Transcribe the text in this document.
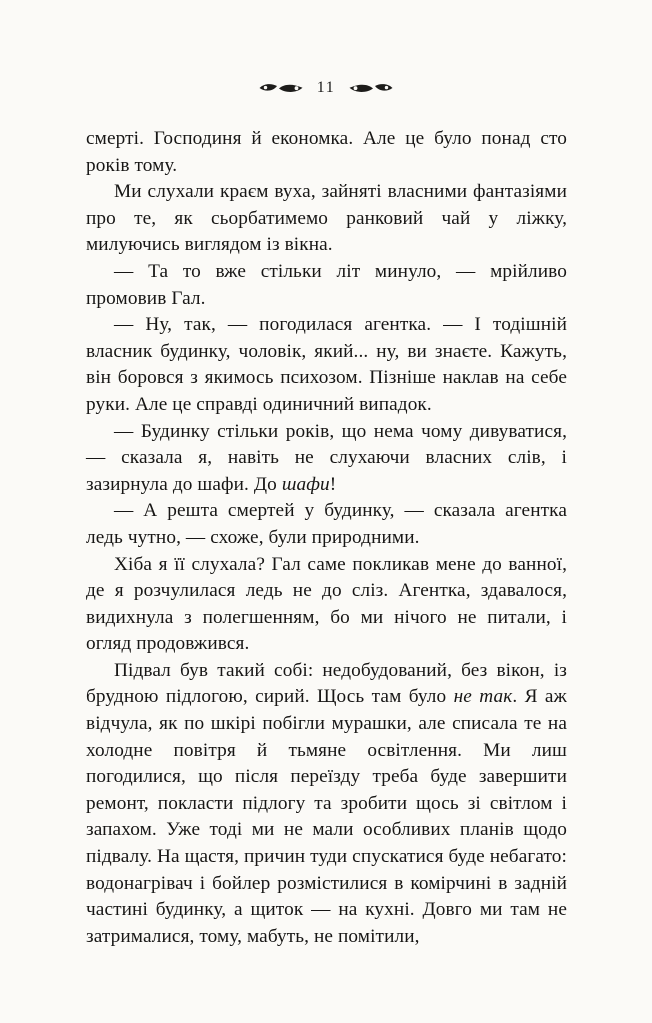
11

смерті. Господиня й економка. Але це було понад сто років тому.

Ми слухали краєм вуха, зайняті власними фантазіями про те, як сьорбатимемо ранковий чай у ліжку, милуючись виглядом із вікна.

— Та то вже стільки літ минуло, — мрійливо промовив Гал.

— Ну, так, — погодилася агентка. — І тодішній власник будинку, чоловік, який... ну, ви знаєте. Кажуть, він боровся з якимось психозом. Пізніше наклав на себе руки. Але це справді одиничний випадок.

— Будинку стільки років, що нема чому дивуватися, — сказала я, навіть не слухаючи власних слів, і зазирнула до шафи. До шафи!

— А решта смертей у будинку, — сказала агентка ледь чутно, — схоже, були природними.

Хіба я її слухала? Гал саме покликав мене до ванної, де я розчулилася ледь не до сліз. Агентка, здавалося, видихнула з полегшенням, бо ми нічого не питали, і огляд продовжився.

Підвал був такий собі: недобудований, без вікон, із брудною підлогою, сирий. Щось там було не так. Я аж відчула, як по шкірі побігли мурашки, але списала те на холодне повітря й тьмяне освітлення. Ми лиш погодилися, що після переїзду треба буде завершити ремонт, покласти підлогу та зробити щось зі світлом і запахом. Уже тоді ми не мали особливих планів щодо підвалу. На щастя, причин туди спускатися буде небагато: водонагрівач і бойлер розмістилися в комірчині в задній частині будинку, а щиток — на кухні. Довго ми там не затрималися, тому, мабуть, не помітили,
